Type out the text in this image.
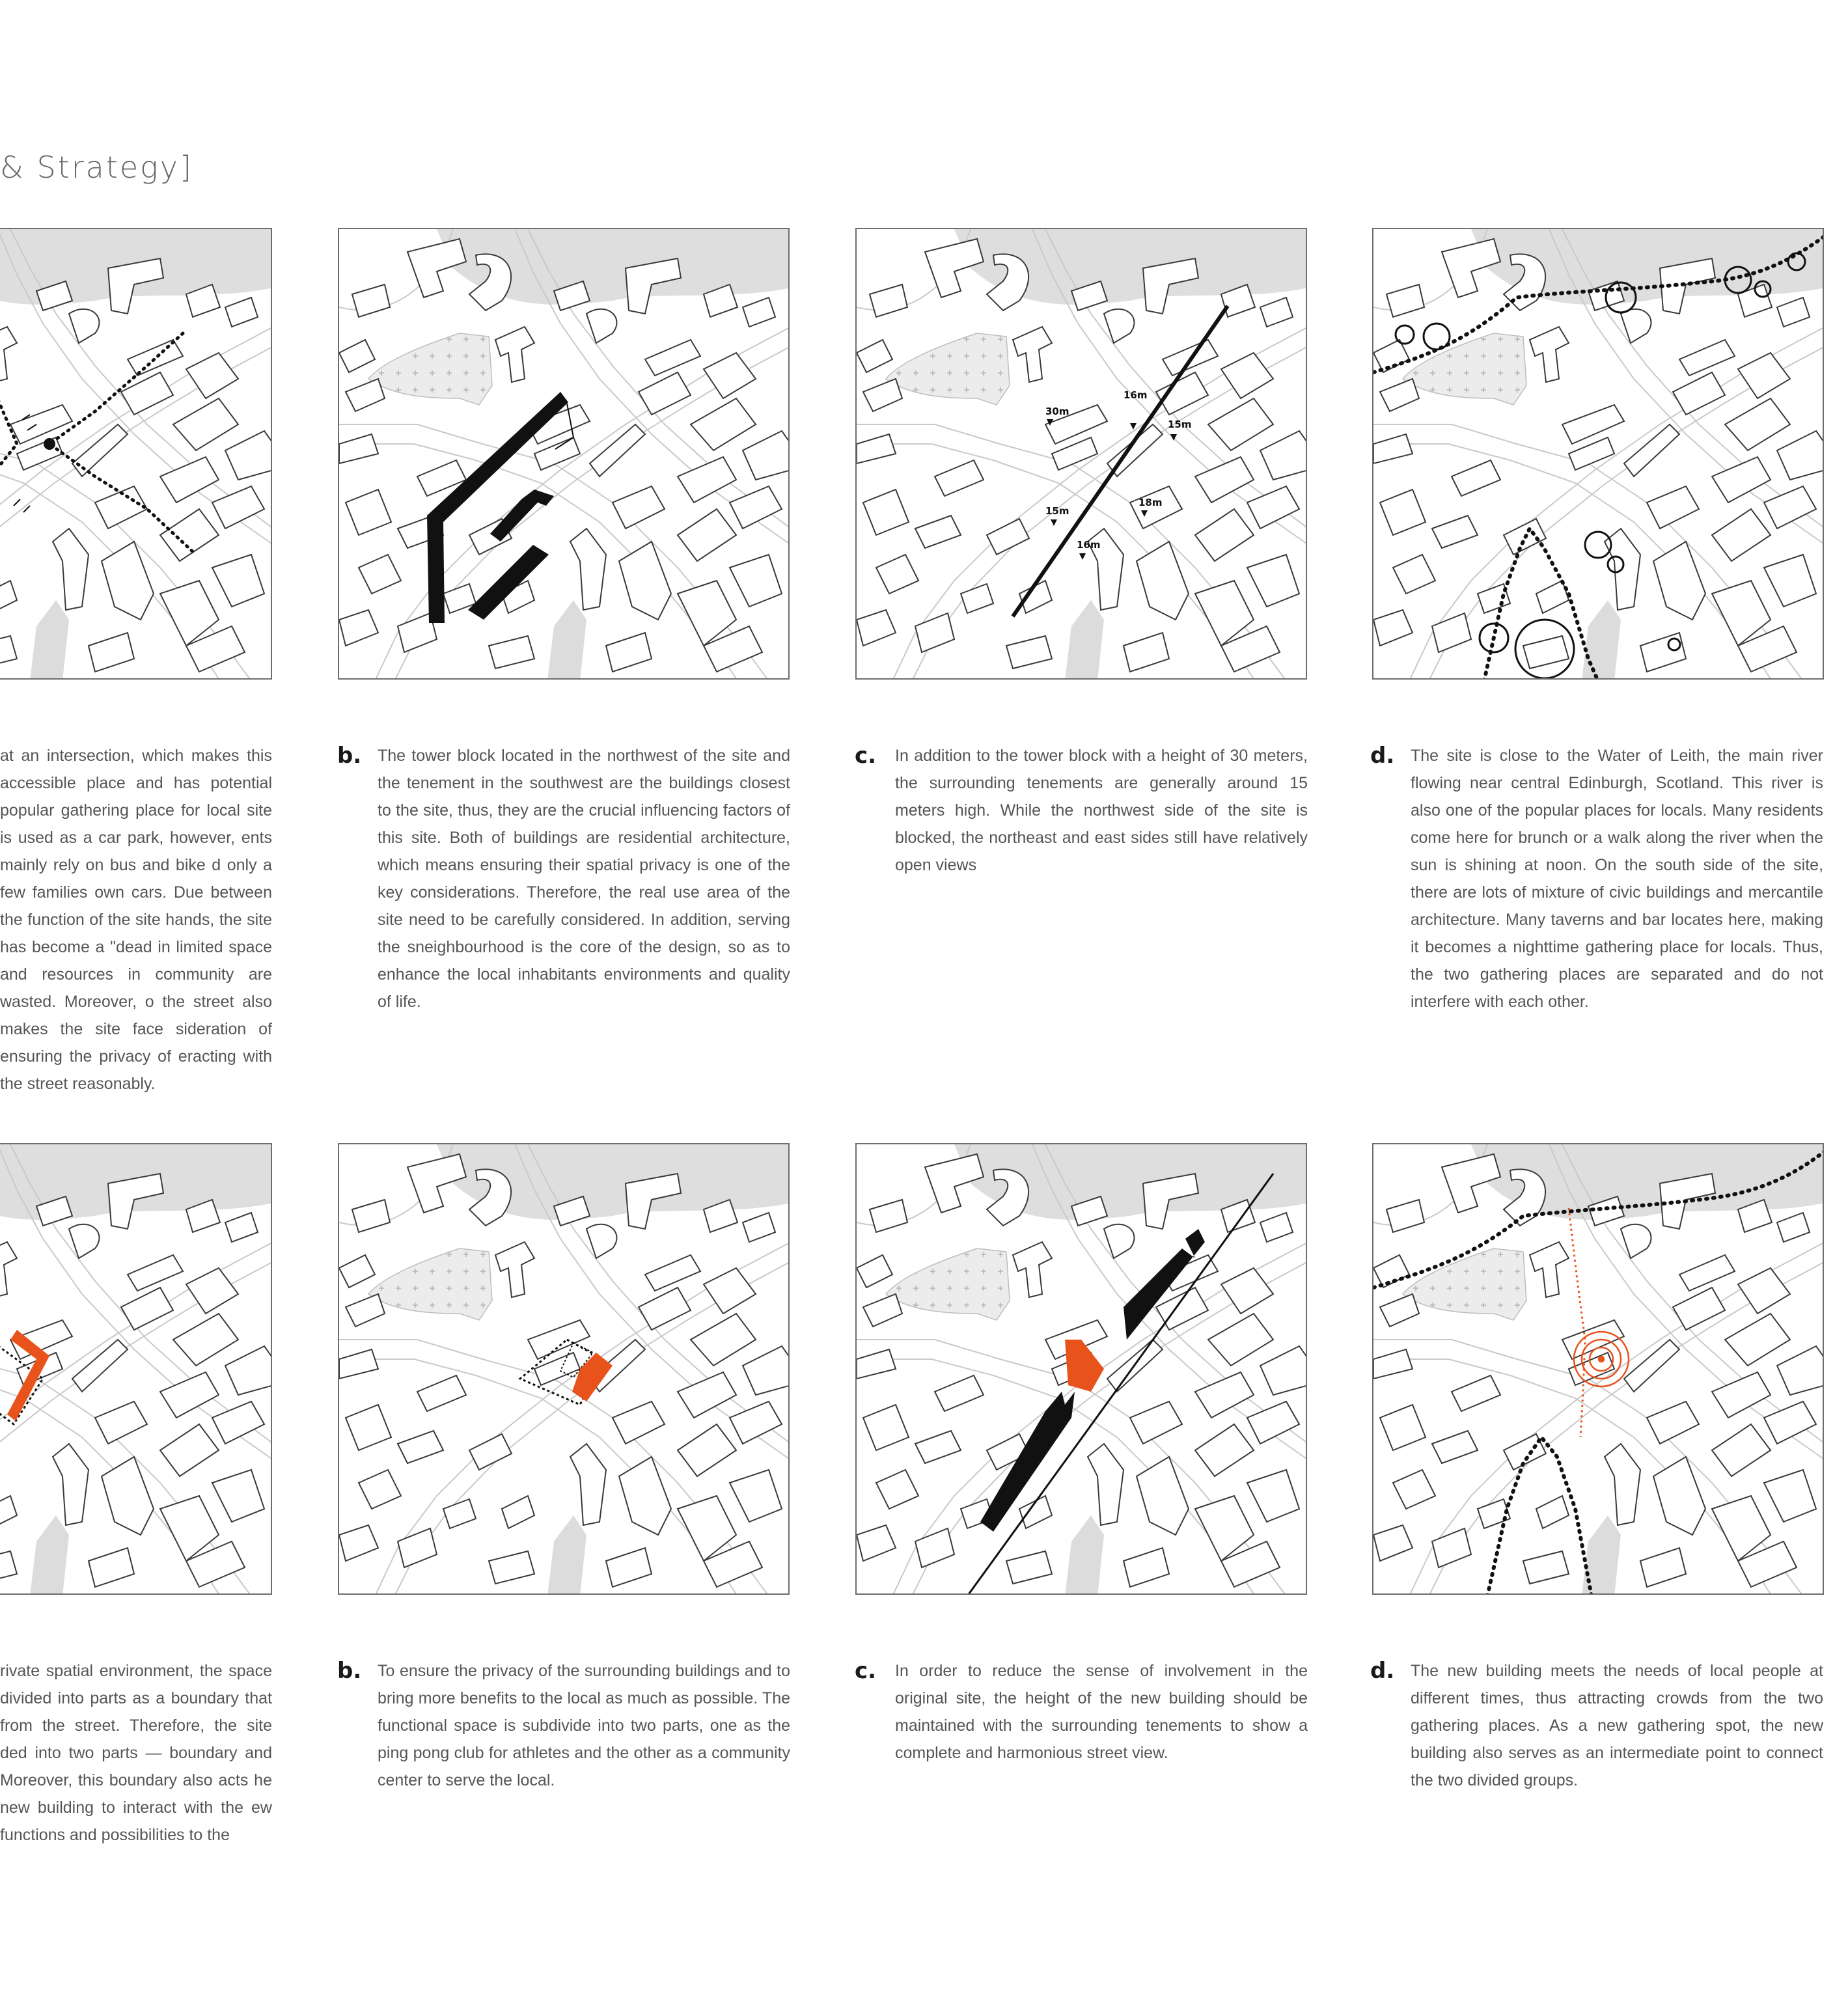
& Strategy]
30m
16m
15m
15m
18m
16m
at an intersection, which makes this accessible place and has potential popular gathering place for local site is used as a car park, however, ents mainly rely on bus and bike d only a few families own cars. Due between the function of the site hands, the site has become a "dead in limited space and resources in community are wasted. Moreover, o the street also makes the site face sideration of ensuring the privacy of eracting with the street reasonably.
b. The tower block located in the northwest of the site and the tenement in the southwest are the buildings closest to the site, thus, they are the crucial influencing factors of this site. Both of buildings are residential architecture, which means ensuring their spatial privacy is one of the key considerations. Therefore, the real use area of the site need to be carefully considered. In addition, serving the sneighbourhood is the core of the design, so as to enhance the local inhabitants environments and quality of life.
c. In addition to the tower block with a height of 30 meters, the surrounding tenements are generally around 15 meters high. While the northwest side of the site is blocked, the northeast and east sides still have relatively open views
d. The site is close to the Water of Leith, the main river flowing near central Edinburgh, Scotland. This river is also one of the popular places for locals. Many residents come here for brunch or a walk along the river when the sun is shining at noon. On the south side of the site, there are lots of mixture of civic buildings and mercantile architecture. Many taverns and bar locates here, making it becomes a nighttime gathering place for locals. Thus, the two gathering places are separated and do not interfere with each other.
rivate spatial environment, the space divided into parts as a boundary that from the street. Therefore, the site ded into two parts — boundary and Moreover, this boundary also acts he new building to interact with the ew functions and possibilities to the
b. To ensure the privacy of the surrounding buildings and to bring more benefits to the local as much as possible. The functional space is subdivide into two parts, one as the ping pong club for athletes and the other as a community center to serve the local.
c. In order to reduce the sense of involvement in the original site, the height of the new building should be maintained with the surrounding tenements to show a complete and harmonious street view.
d. The new building meets the needs of local people at different times, thus attracting crowds from the two gathering places. As a new gathering spot, the new building also serves as an intermediate point to connect the two divided groups.
